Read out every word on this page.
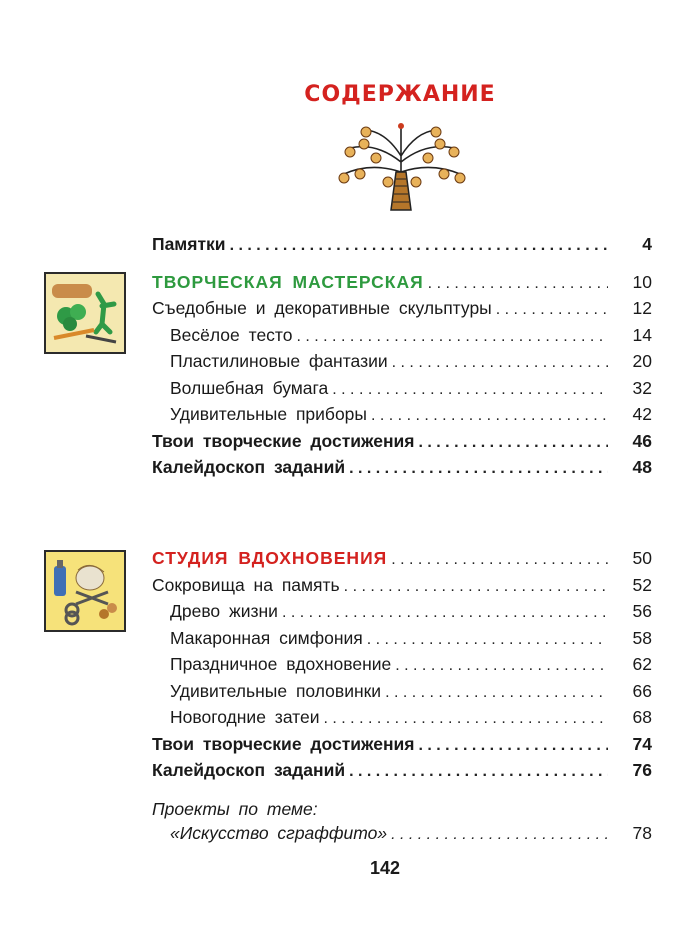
СОДЕРЖАНИЕ
Памятки . . .	4
ТВОРЧЕСКАЯ МАСТЕРСКАЯ . . .	10
Съедобные и декоративные скульптуры . . .	12
Весёлое тесто . . .	14
Пластилиновые фантазии . . .	20
Волшебная бумага . . .	32
Удивительные приборы . . .	42
Твои творческие достижения . . .	46
Калейдоскоп заданий . . .	48
СТУДИЯ ВДОХНОВЕНИЯ . . .	50
Сокровища на память . . .	52
Древо жизни . . .	56
Макаронная симфония . . .	58
Праздничное вдохновение . . .	62
Удивительные половинки . . .	66
Новогодние затеи . . .	68
Твои творческие достижения . . .	74
Калейдоскоп заданий . . .	76
Проекты по теме:
«Искусство сграффито» . . .	78
142
